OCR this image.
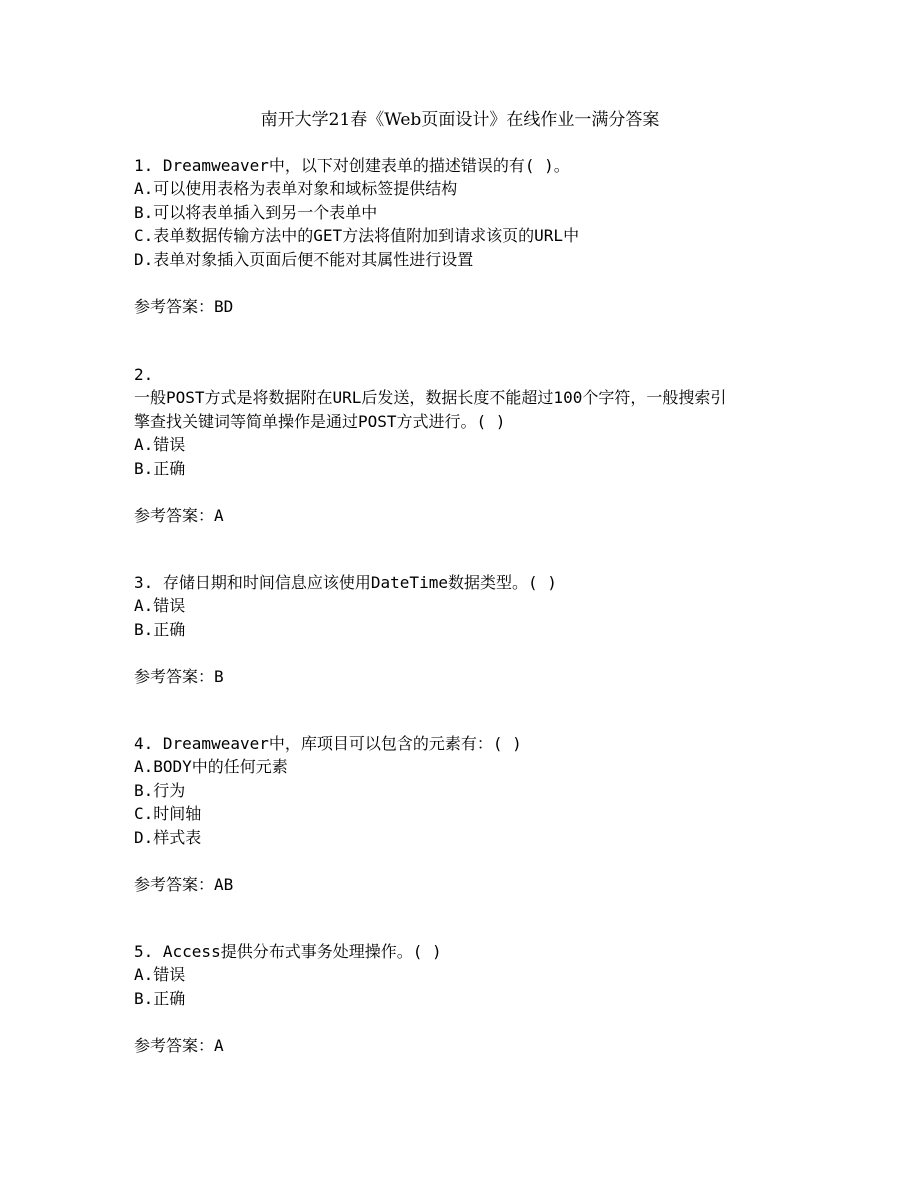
南开大学21春《Web页面设计》在线作业一满分答案
1. Dreamweaver中，以下对创建表单的描述错误的有( )。
A.可以使用表格为表单对象和域标签提供结构
B.可以将表单插入到另一个表单中
C.表单数据传输方法中的GET方法将值附加到请求该页的URL中
D.表单对象插入页面后便不能对其属性进行设置
参考答案：BD
2.
一般POST方式是将数据附在URL后发送，数据长度不能超过100个字符，一般搜索引
擎查找关键词等简单操作是通过POST方式进行。( )
A.错误
B.正确
参考答案：A
3. 存储日期和时间信息应该使用DateTime数据类型。( )
A.错误
B.正确
参考答案：B
4. Dreamweaver中，库项目可以包含的元素有：( )
A.BODY中的任何元素
B.行为
C.时间轴
D.样式表
参考答案：AB
5. Access提供分布式事务处理操作。( )
A.错误
B.正确
参考答案：A
